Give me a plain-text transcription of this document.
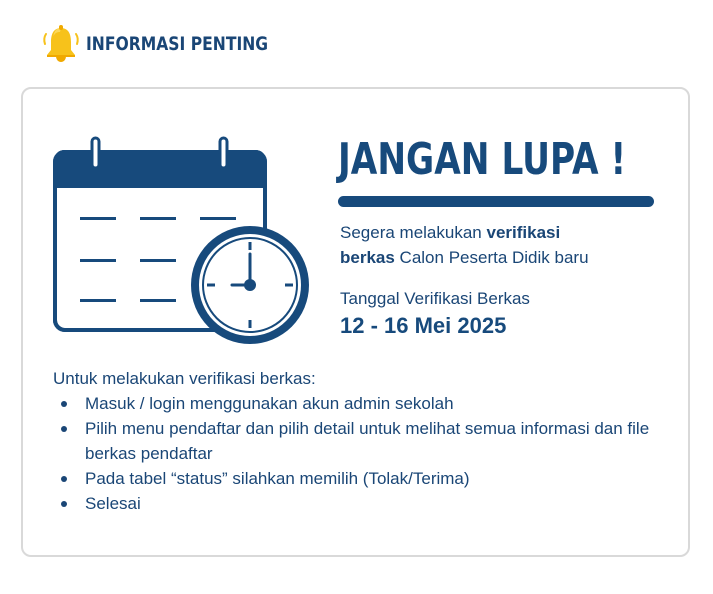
INFORMASI PENTING
JANGAN LUPA !
Segera melakukan verifikasi
berkas Calon Peserta Didik baru
Tanggal Verifikasi Berkas
12 - 16 Mei 2025
Untuk melakukan verifikasi berkas:
Masuk / login menggunakan akun admin sekolah
Pilih menu pendaftar dan pilih detail untuk melihat semua informasi dan file berkas pendaftar
Pada tabel “status” silahkan memilih (Tolak/Terima)
Selesai
